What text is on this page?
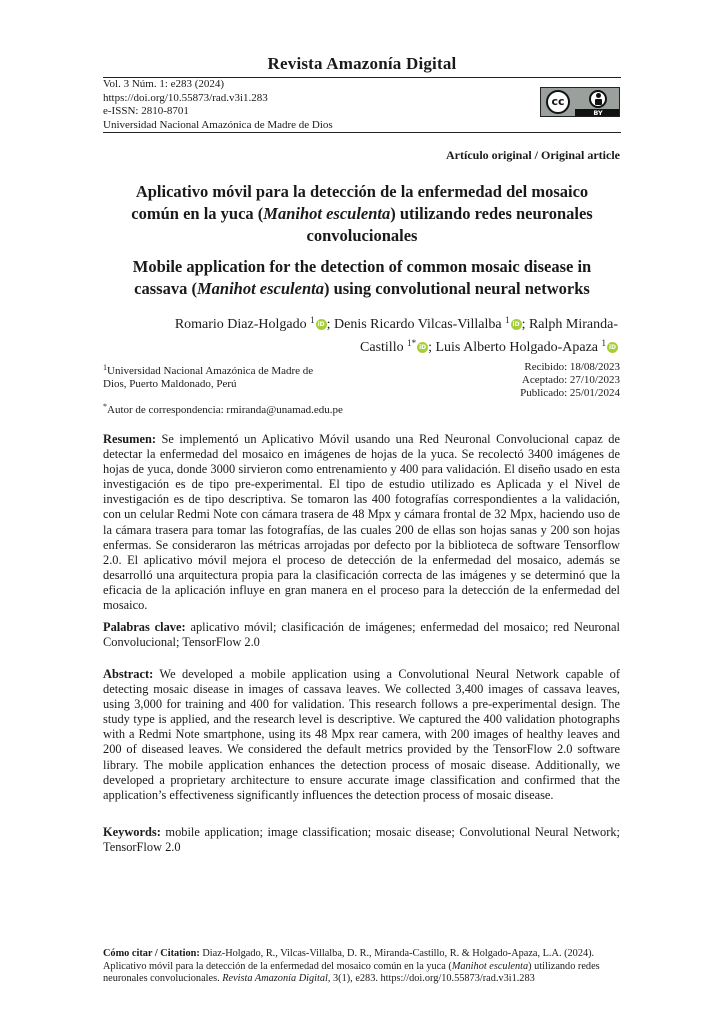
Revista Amazonía Digital
Vol. 3 Núm. 1: e283 (2024)
https://doi.org/10.55873/rad.v3i1.283
e-ISSN: 2810-8701
Universidad Nacional Amazónica de Madre de Dios
cc
BY
Artículo original / Original article
Aplicativo móvil para la detección de la enfermedad del mosaico común en la yuca (Manihot esculenta) utilizando redes neuronales convolucionales
Mobile application for the detection of common mosaic disease in cassava (Manihot esculenta) using convolutional neural networks
Romario Diaz-Holgado $^1$ iD ; Denis Ricardo Vilcas-Villalba $^1$ iD ; Ralph Miranda-Castillo $^{1*}$ iD ; Luis Alberto Holgado-Apaza $^1$ iD
$^1$Universidad Nacional Amazónica de Madre de
Dios, Puerto Maldonado, Perú
Recibido: 18/08/2023
Aceptado: 27/10/2023
Publicado: 25/01/2024
*Autor de correspondencia: rmiranda@unamad.edu.pe
Resumen: Se implementó un Aplicativo Móvil usando una Red Neuronal Convolucional capaz de detectar la enfermedad del mosaico en imágenes de hojas de la yuca. Se recolectó 3400 imágenes de hojas de yuca, donde 3000 sirvieron como entrenamiento y 400 para validación. El diseño usado en esta investigación es de tipo pre-experimental. El tipo de estudio utilizado es Aplicada y el Nivel de investigación es de tipo descriptiva. Se tomaron las 400 fotografías correspondientes a la validación, con un celular Redmi Note con cámara trasera de 48 Mpx y cámara frontal de 32 Mpx, haciendo uso de la cámara trasera para tomar las fotografías, de las cuales 200 de ellas son hojas sanas y 200 son hojas enfermas. Se consideraron las métricas arrojadas por defecto por la biblioteca de software Tensorflow 2.0. El aplicativo móvil mejora el proceso de detección de la enfermedad del mosaico, además se desarrolló una arquitectura propia para la clasificación correcta de las imágenes y se determinó que la eficacia de la aplicación influye en gran manera en el proceso para la detección de la enfermedad del mosaico.
Palabras clave: aplicativo móvil; clasificación de imágenes; enfermedad del mosaico; red Neuronal Convolucional; TensorFlow 2.0
Abstract: We developed a mobile application using a Convolutional Neural Network capable of detecting mosaic disease in images of cassava leaves. We collected 3,400 images of cassava leaves, using 3,000 for training and 400 for validation. This research follows a pre-experimental design. The study type is applied, and the research level is descriptive. We captured the 400 validation photographs with a Redmi Note smartphone, using its 48 Mpx rear camera, with 200 images of healthy leaves and 200 of diseased leaves. We considered the default metrics provided by the TensorFlow 2.0 software library. The mobile application enhances the detection process of mosaic disease. Additionally, we developed a proprietary architecture to ensure accurate image classification and confirmed that the application’s effectiveness significantly influences the detection process of mosaic disease.
Keywords: mobile application; image classification; mosaic disease; Convolutional Neural Network; TensorFlow 2.0
Cómo citar / Citation: Diaz-Holgado, R., Vilcas-Villalba, D. R., Miranda-Castillo, R. & Holgado-Apaza, L.A. (2024). Aplicativo móvil para la detección de la enfermedad del mosaico común en la yuca (Manihot esculenta) utilizando redes neuronales convolucionales. Revista Amazonía Digital, 3(1), e283. https://doi.org/10.55873/rad.v3i1.283
